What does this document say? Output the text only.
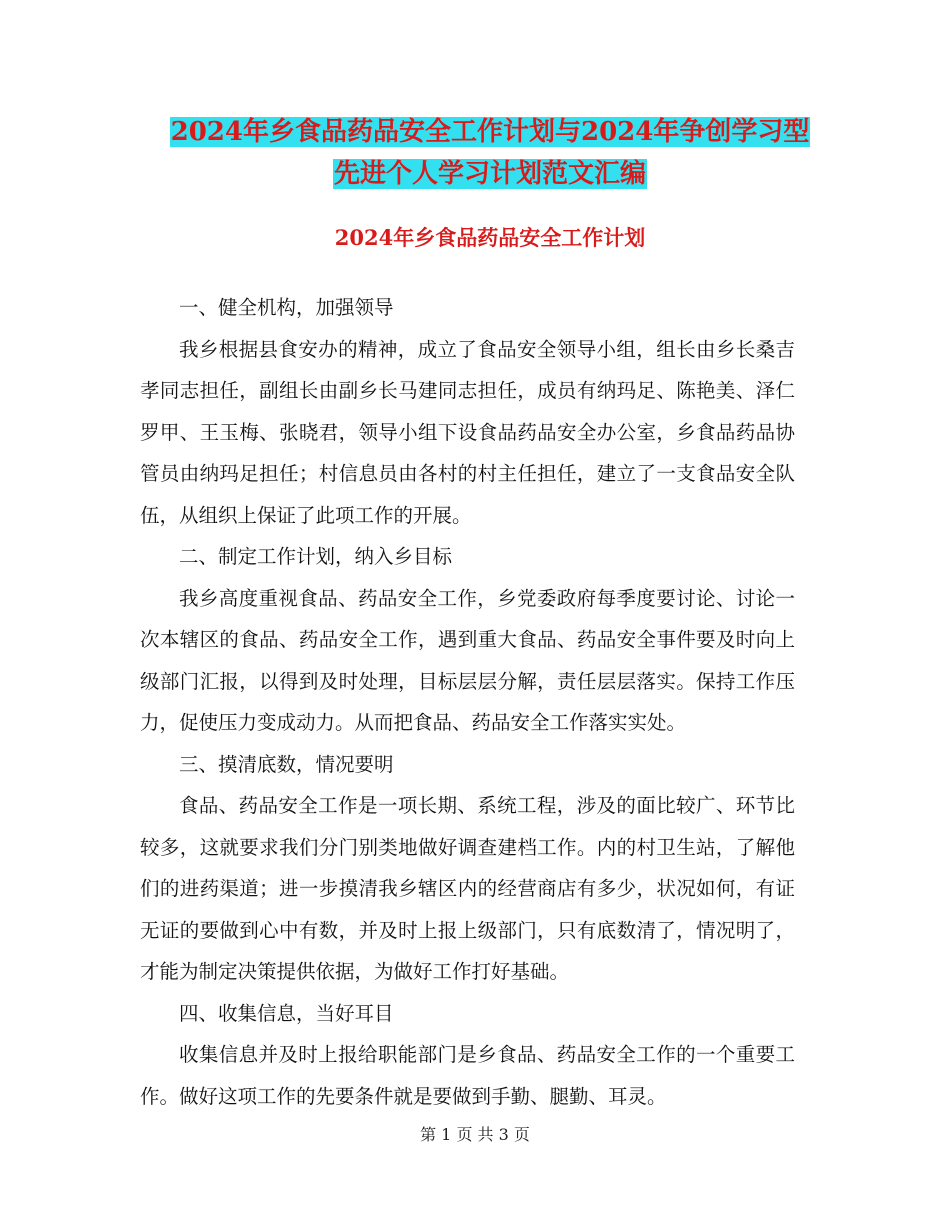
2024年乡食品药品安全工作计划与2024年争创学习型
先进个人学习计划范文汇编
2024年乡食品药品安全工作计划

一、健全机构，加强领导

我乡根据县食安办的精神，成立了食品安全领导小组，组长由乡长桑吉孝同志担任，副组长由副乡长马建同志担任，成员有纳玛足、陈艳美、泽仁罗甲、王玉梅、张晓君，领导小组下设食品药品安全办公室，乡食品药品协管员由纳玛足担任；村信息员由各村的村主任担任，建立了一支食品安全队伍，从组织上保证了此项工作的开展。

二、制定工作计划，纳入乡目标

我乡高度重视食品、药品安全工作，乡党委政府每季度要讨论、讨论一次本辖区的食品、药品安全工作，遇到重大食品、药品安全事件要及时向上级部门汇报，以得到及时处理，目标层层分解，责任层层落实。保持工作压力，促使压力变成动力。从而把食品、药品安全工作落实实处。

三、摸清底数，情况要明

食品、药品安全工作是一项长期、系统工程，涉及的面比较广、环节比较多，这就要求我们分门别类地做好调查建档工作。内的村卫生站，了解他们的进药渠道；进一步摸清我乡辖区内的经营商店有多少，状况如何，有证无证的要做到心中有数，并及时上报上级部门，只有底数清了，情况明了，才能为制定决策提供依据，为做好工作打好基础。

四、收集信息，当好耳目

收集信息并及时上报给职能部门是乡食品、药品安全工作的一个重要工作。做好这项工作的先要条件就是要做到手勤、腿勤、耳灵。

第 1 页 共 3 页
